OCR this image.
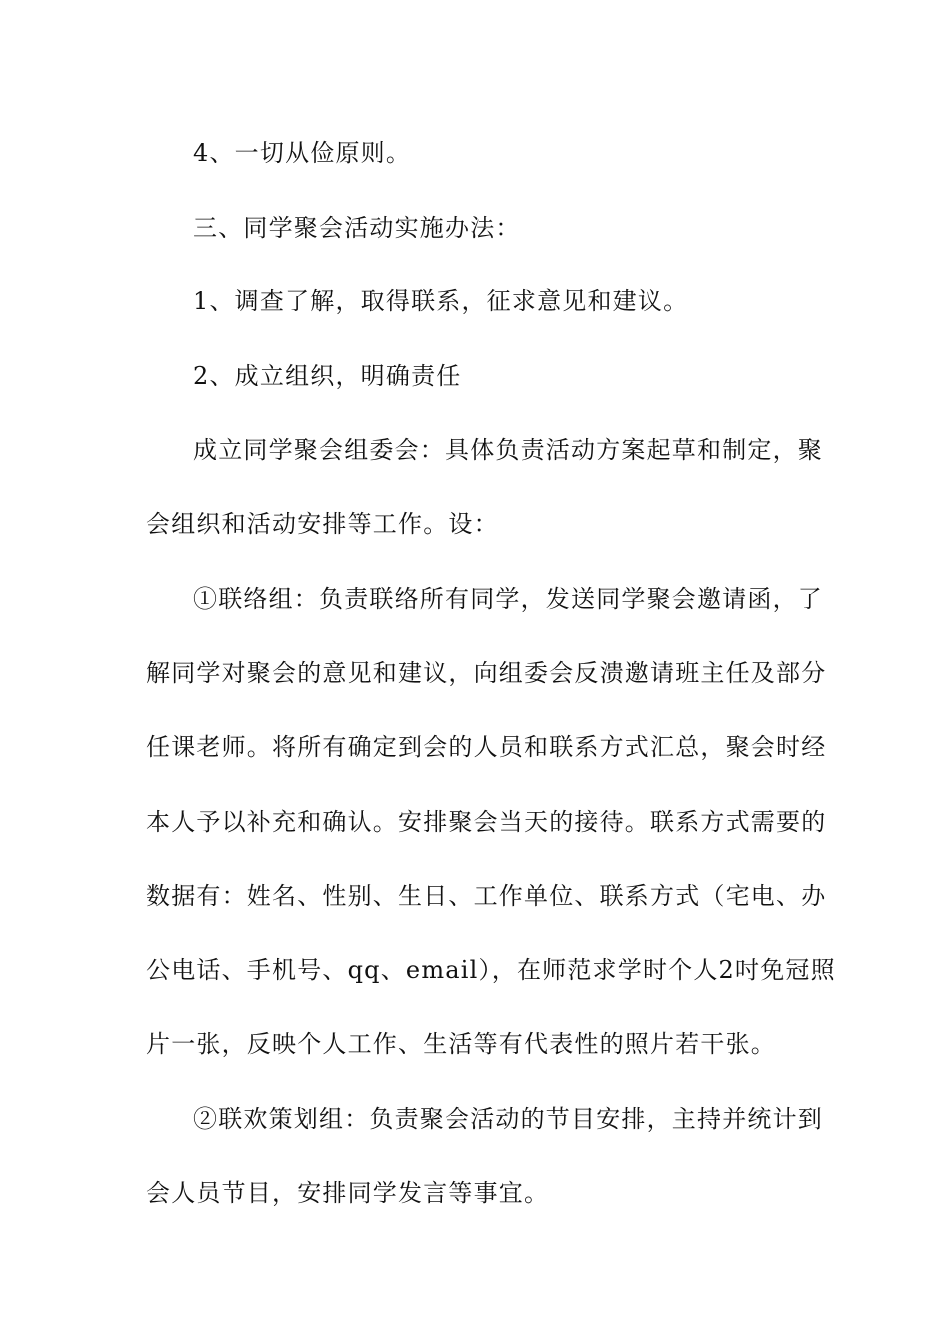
4、一切从俭原则。
三、同学聚会活动实施办法：
1、调查了解，取得联系，征求意见和建议。
2、成立组织，明确责任
成立同学聚会组委会：具体负责活动方案起草和制定，聚
会组织和活动安排等工作。设：
①联络组：负责联络所有同学，发送同学聚会邀请函，了
解同学对聚会的意见和建议，向组委会反溃邀请班主任及部分
任课老师。将所有确定到会的人员和联系方式汇总，聚会时经
本人予以补充和确认。安排聚会当天的接待。联系方式需要的
数据有：姓名、性别、生日、工作单位、联系方式（宅电、办
公电话、手机号、qq、email），在师范求学时个人2吋免冠照
片一张，反映个人工作、生活等有代表性的照片若干张。
②联欢策划组：负责聚会活动的节目安排，主持并统计到
会人员节目，安排同学发言等事宜。
